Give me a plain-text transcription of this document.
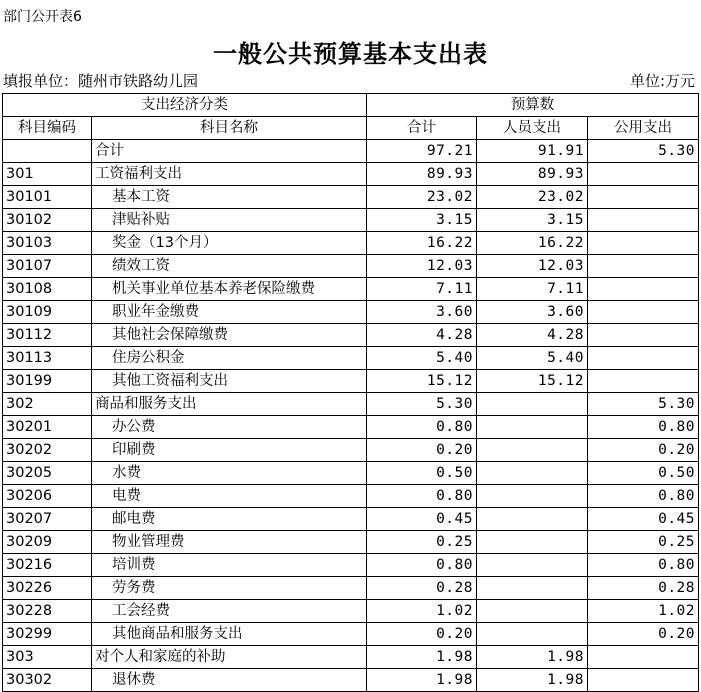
部门公开表6
一般公共预算基本支出表
填报单位：随州市铁路幼儿园	单位:万元
支出经济分类		预算数		
科目编码	科目名称	合计	人员支出	公用支出
	合计	97.21	91.91	5.30
301	工资福利支出	89.93	89.93	
30101	基本工资	23.02	23.02	
30102	津贴补贴	3.15	3.15	
30103	奖金（13个月）	16.22	16.22	
30107	绩效工资	12.03	12.03	
30108	机关事业单位基本养老保险缴费	7.11	7.11	
30109	职业年金缴费	3.60	3.60	
30112	其他社会保障缴费	4.28	4.28	
30113	住房公积金	5.40	5.40	
30199	其他工资福利支出	15.12	15.12	
302	商品和服务支出	5.30		5.30
30201	办公费	0.80		0.80
30202	印刷费	0.20		0.20
30205	水费	0.50		0.50
30206	电费	0.80		0.80
30207	邮电费	0.45		0.45
30209	物业管理费	0.25		0.25
30216	培训费	0.80		0.80
30226	劳务费	0.28		0.28
30228	工会经费	1.02		1.02
30299	其他商品和服务支出	0.20		0.20
303	对个人和家庭的补助	1.98	1.98	
30302	退休费	1.98	1.98	
